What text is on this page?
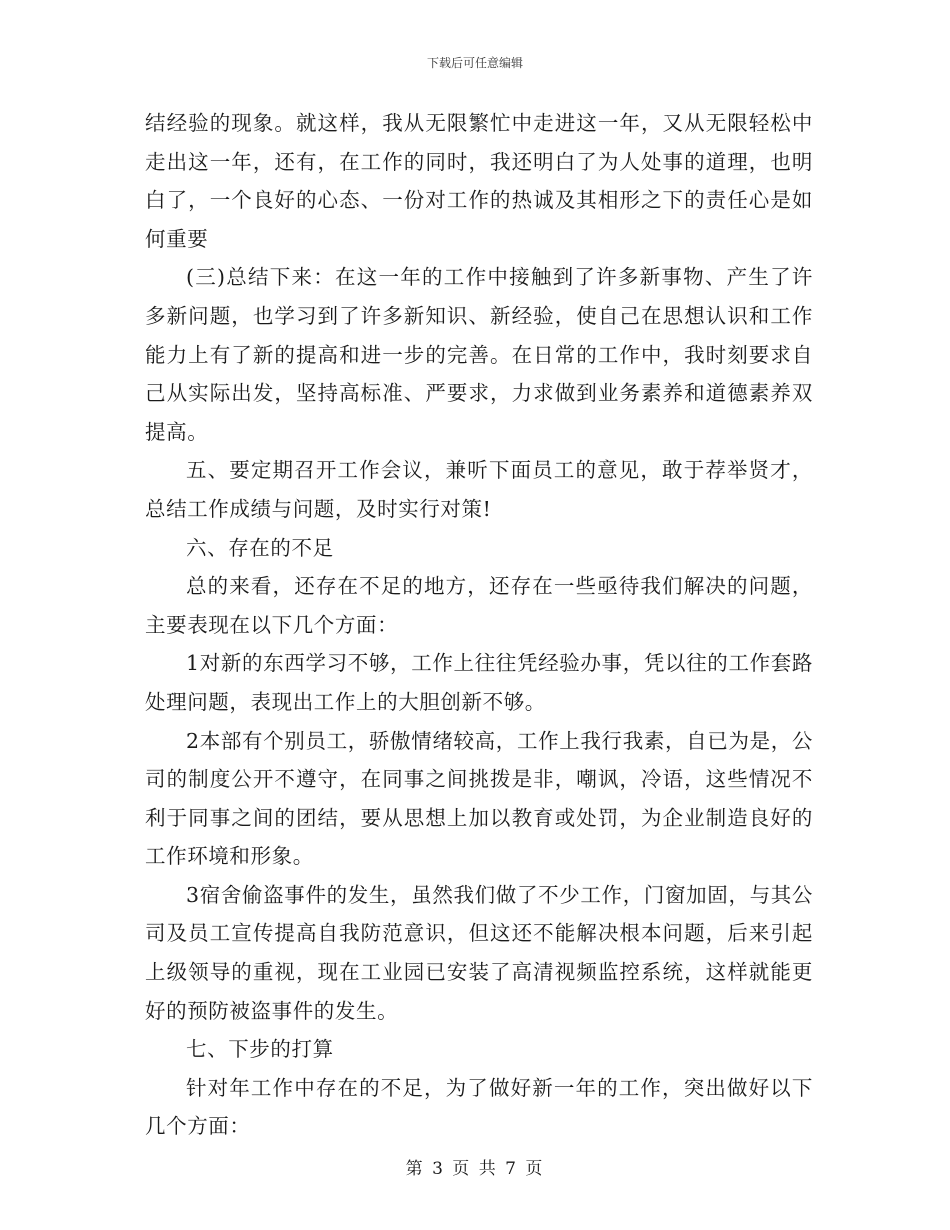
下载后可任意编辑

结经验的现象。就这样，我从无限繁忙中走进这一年，又从无限轻松中走出这一年，还有，在工作的同时，我还明白了为人处事的道理，也明白了，一个良好的心态、一份对工作的热诚及其相形之下的责任心是如何重要

(三)总结下来：在这一年的工作中接触到了许多新事物、产生了许多新问题，也学习到了许多新知识、新经验，使自己在思想认识和工作能力上有了新的提高和进一步的完善。在日常的工作中，我时刻要求自己从实际出发，坚持高标准、严要求，力求做到业务素养和道德素养双提高。

五、要定期召开工作会议，兼听下面员工的意见，敢于荐举贤才，总结工作成绩与问题，及时实行对策!

六、存在的不足

总的来看，还存在不足的地方，还存在一些亟待我们解决的问题，主要表现在以下几个方面：

1对新的东西学习不够，工作上往往凭经验办事，凭以往的工作套路处理问题，表现出工作上的大胆创新不够。

2本部有个别员工，骄傲情绪较高，工作上我行我素，自已为是，公司的制度公开不遵守，在同事之间挑拨是非，嘲讽，冷语，这些情况不利于同事之间的团结，要从思想上加以教育或处罚，为企业制造良好的工作环境和形象。

3宿舍偷盗事件的发生，虽然我们做了不少工作，门窗加固，与其公司及员工宣传提高自我防范意识，但这还不能解决根本问题，后来引起上级领导的重视，现在工业园已安装了高清视频监控系统，这样就能更好的预防被盗事件的发生。

七、下步的打算

针对年工作中存在的不足，为了做好新一年的工作，突出做好以下几个方面：

第 3 页 共 7 页
